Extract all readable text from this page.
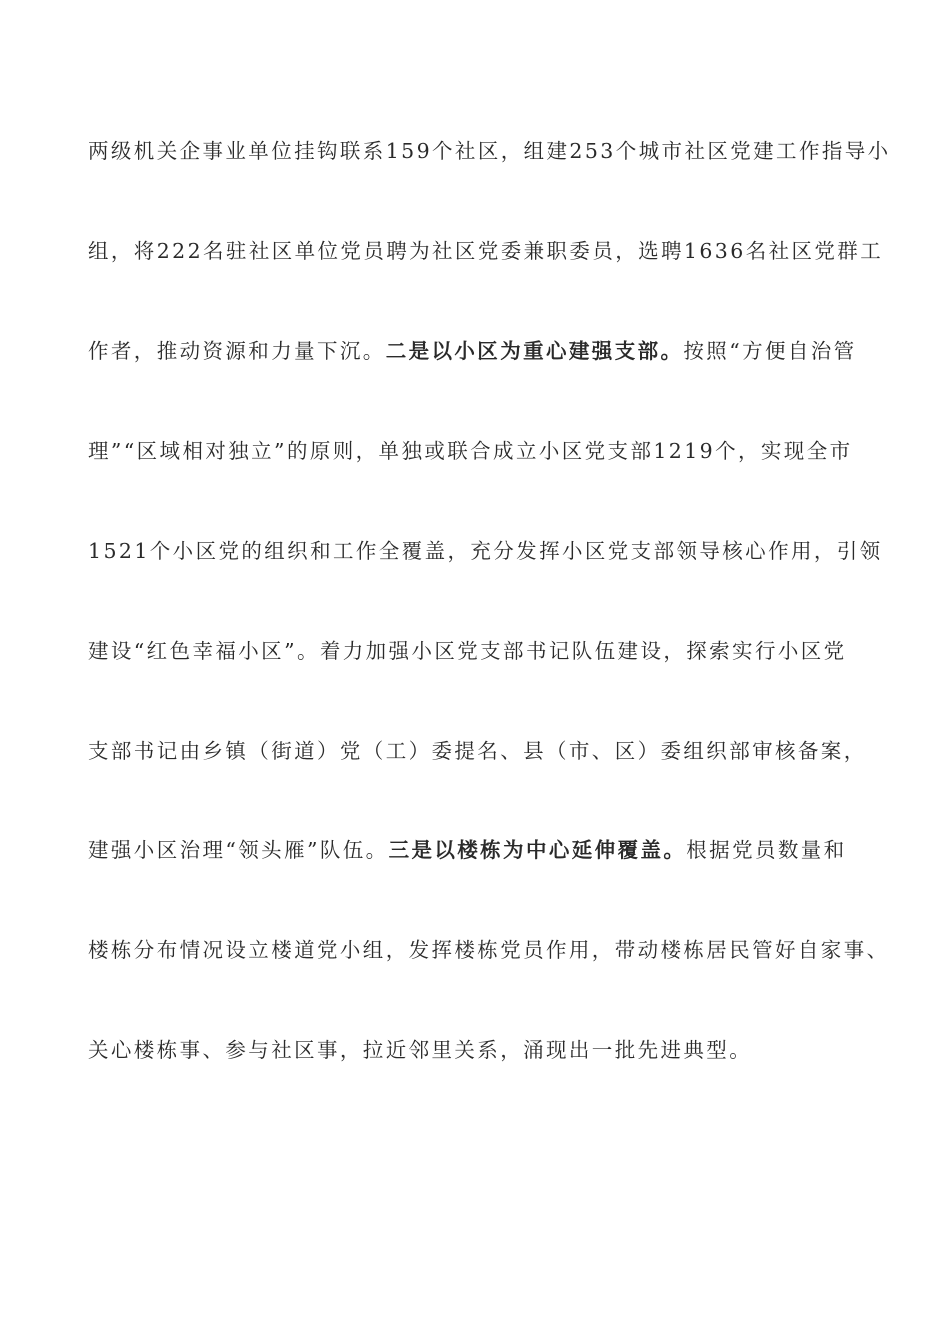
两级机关企事业单位挂钩联系159个社区，组建253个城市社区党建工作指导小

组，将222名驻社区单位党员聘为社区党委兼职委员，选聘1636名社区党群工

作者，推动资源和力量下沉。二是以小区为重心建强支部。按照“方便自治管

理”“区域相对独立”的原则，单独或联合成立小区党支部1219个，实现全市

1521个小区党的组织和工作全覆盖，充分发挥小区党支部领导核心作用，引领

建设“红色幸福小区”。着力加强小区党支部书记队伍建设，探索实行小区党

支部书记由乡镇（街道）党（工）委提名、县（市、区）委组织部审核备案，

建强小区治理“领头雁”队伍。三是以楼栋为中心延伸覆盖。根据党员数量和

楼栋分布情况设立楼道党小组，发挥楼栋党员作用，带动楼栋居民管好自家事、

关心楼栋事、参与社区事，拉近邻里关系，涌现出一批先进典型。
